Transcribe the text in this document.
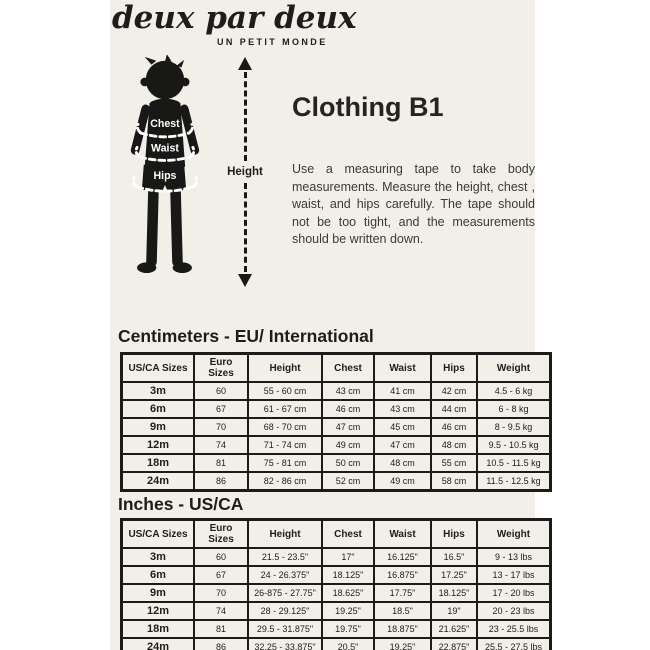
deux par deux
UN PETIT MONDE
Chest
Waist
Hips	Height
Clothing B1

Use a measuring tape to take body measurements. Measure the height, chest , waist, and hips carefully. The tape should not be too tight, and the measurements should be written down.

Centimeters - EU/ International
US/CA Sizes	Euro Sizes	Height	Chest	Waist	Hips	Weight
3m	60	55 - 60 cm	43 cm	41 cm	42 cm	4.5 - 6 kg
6m	67	61 - 67 cm	46 cm	43 cm	44 cm	6 - 8 kg
9m	70	68 - 70 cm	47 cm	45 cm	46 cm	8 - 9.5 kg
12m	74	71 - 74 cm	49 cm	47 cm	48 cm	9.5 - 10.5 kg
18m	81	75 - 81 cm	50 cm	48 cm	55 cm	10.5 - 11.5 kg
24m	86	82 - 86 cm	52 cm	49 cm	58 cm	11.5 - 12.5 kg
Inches - US/CA
US/CA Sizes	Euro Sizes	Height	Chest	Waist	Hips	Weight
3m	60	21.5 - 23.5"	17"	16.125"	16.5"	9 - 13 lbs
6m	67	24 - 26.375"	18.125"	16.875"	17.25"	13 - 17 lbs
9m	70	26-875 - 27.75"	18.625"	17.75"	18.125"	17 - 20 lbs
12m	74	28 - 29.125"	19.25"	18.5"	19"	20 - 23 lbs
18m	81	29.5 - 31.875"	19.75"	18.875"	21.625"	23 - 25.5 lbs
24m	86	32.25 - 33.875"	20.5"	19.25"	22.875"	25.5 - 27.5 lbs
